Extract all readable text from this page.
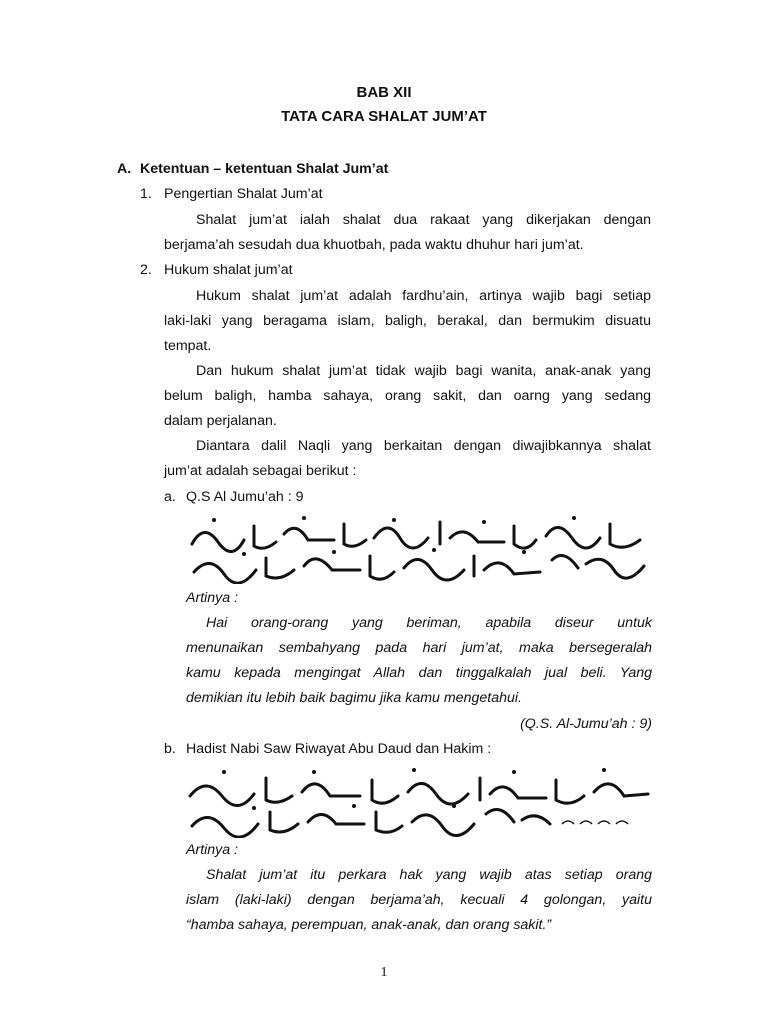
BAB XII
TATA CARA SHALAT JUM’AT
A. Ketentuan – ketentuan Shalat Jum’at
1. Pengertian Shalat Jum’at
Shalat jum’at ialah shalat dua rakaat yang dikerjakan dengan
berjama’ah sesudah dua khuotbah, pada waktu dhuhur hari jum’at.
2. Hukum shalat jum’at
Hukum shalat jum’at adalah fardhu’ain, artinya wajib bagi setiap
laki-laki yang beragama islam, baligh, berakal, dan bermukim disuatu
tempat.
Dan hukum shalat jum’at tidak wajib bagi wanita, anak-anak yang
belum baligh, hamba sahaya, orang sakit, dan oarng yang sedang
dalam perjalanan.
Diantara dalil Naqli yang berkaitan dengan diwajibkannya shalat
jum’at adalah sebagai berikut :
a. Q.S Al Jumu’ah : 9
Artinya :
Hai orang-orang yang beriman, apabila diseur untuk
menunaikan sembahyang pada hari jum’at, maka bersegeralah
kamu kepada mengingat Allah dan tinggalkalah jual beli. Yang
demikian itu lebih baik bagimu jika kamu mengetahui.
(Q.S. Al-Jumu’ah : 9)
b. Hadist Nabi Saw Riwayat Abu Daud dan Hakim :
Artinya :
Shalat jum’at itu perkara hak yang wajib atas setiap orang
islam (laki-laki) dengan berjama’ah, kecuali 4 golongan, yaitu
“hamba sahaya, perempuan, anak-anak, dan orang sakit.”
1
